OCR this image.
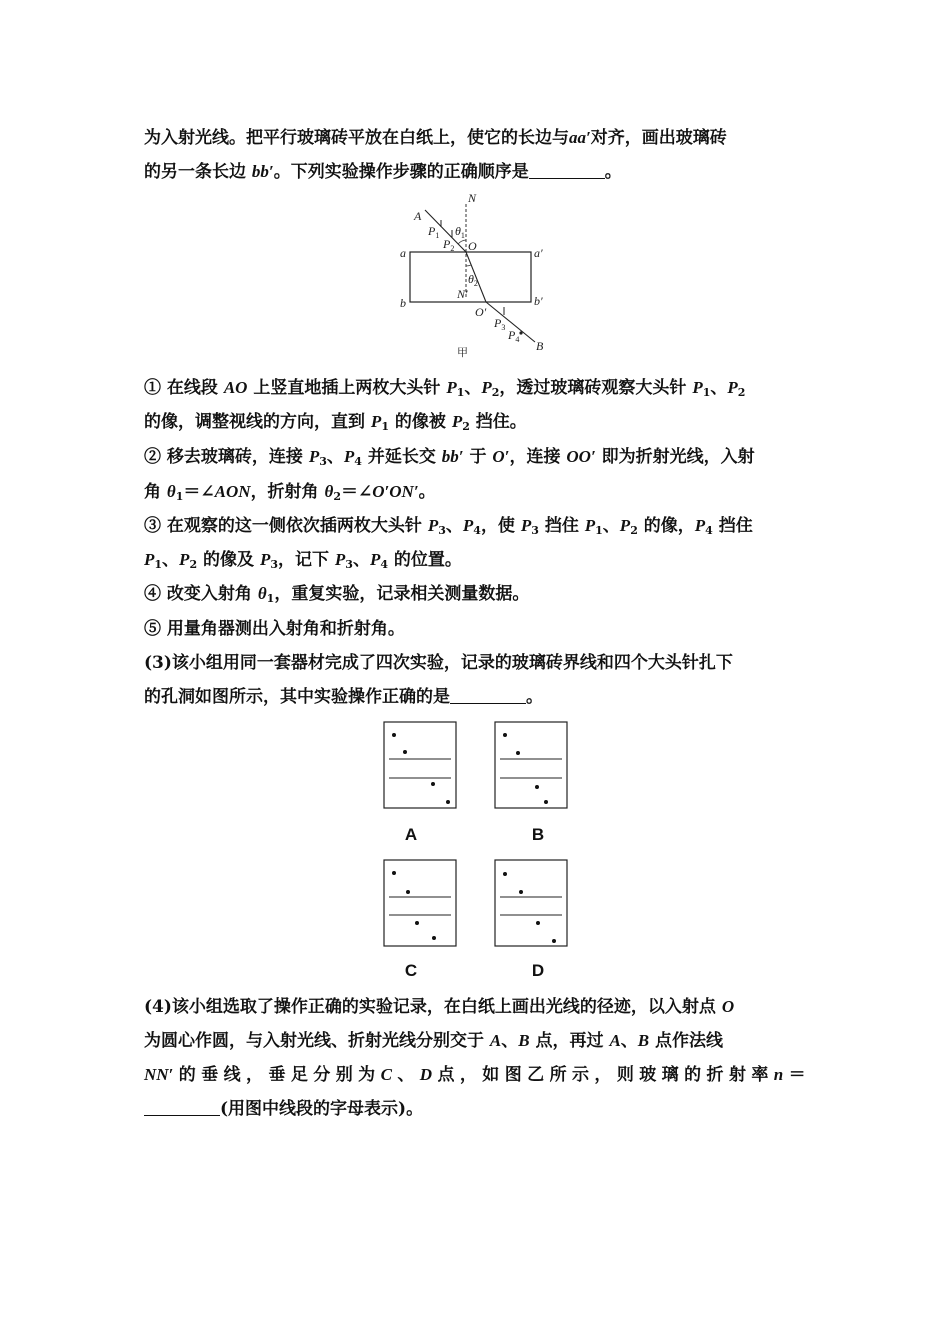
为入射光线。把平行玻璃砖平放在白纸上，使它的长边与aa′对齐，画出玻璃砖
的另一条长边 bb′。下列实验操作步骤的正确顺序是	。
N
A
$P_1$ $\theta_1$
$P_2$ O
a	a′
$\theta_2$
b
N′	b′
O′
$P_3$
$P_4$ B
甲
① 在线段 AO 上竖直地插上两枚大头针 $P_1$、$P_2$，透过玻璃砖观察大头针 $P_1$、$P_2$
的像，调整视线的方向，直到 $P_1$ 的像被 $P_2$ 挡住。
② 移去玻璃砖，连接 $P_3$、$P_4$ 并延长交 bb′ 于 O′，连接 OO′ 即为折射光线，入射
角 $\theta_1=\angle AON$，折射角 $\theta_2=\angle O'ON'$。
③ 在观察的这一侧依次插两枚大头针 $P_3$、$P_4$，使 $P_3$ 挡住 $P_1$、$P_2$ 的像，$P_4$ 挡住
$P_1$、$P_2$ 的像及 $P_3$，记下 $P_3$、$P_4$ 的位置。
④ 改变入射角 $\theta_1$，重复实验，记录相关测量数据。
⑤ 用量角器测出入射角和折射角。
(3)该小组用同一套器材完成了四次实验，记录的玻璃砖界线和四个大头针扎下
的孔洞如图所示，其中实验操作正确的是	。
A	B
C	D
(4)该小组选取了操作正确的实验记录，在白纸上画出光线的径迹，以入射点 O
为圆心作圆，与入射光线、折射光线分别交于 A、B 点，再过 A、B 点作法线
NN′ 的 垂 线 ， 垂 足 分 别 为 C 、 D 点 ， 如 图 乙 所 示 ， 则 玻 璃 的 折 射 率 n ＝
(用图中线段的字母表示)。
